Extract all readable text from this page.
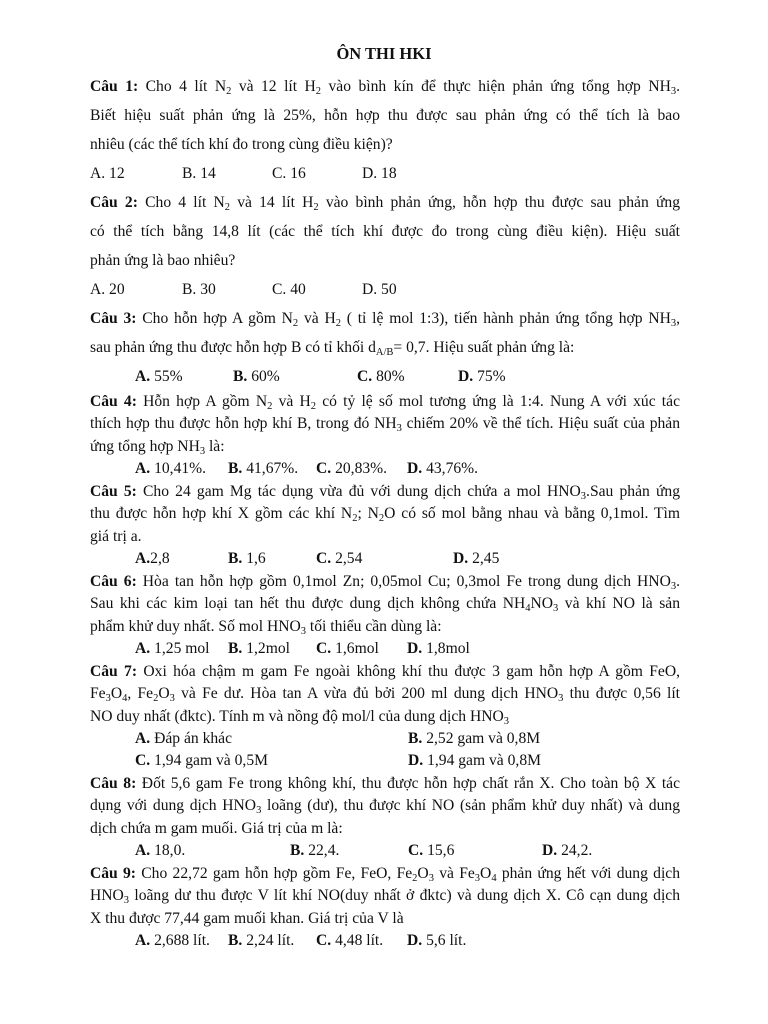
ÔN THI HKI
Câu 1: Cho 4 lít $N_2$ và 12 lít $H_2$ vào bình kín để thực hiện phản ứng tổng hợp $NH_3$.
Biết hiệu suất phản ứng là 25%, hỗn hợp thu được sau phản ứng có thể tích là bao
nhiêu (các thể tích khí đo trong cùng điều kiện)?
A. 12	B. 14	C. 16	D. 18
Câu 2: Cho 4 lít $N_2$ và 14 lít $H_2$ vào bình phản ứng, hỗn hợp thu được sau phản ứng
có thể tích bằng 14,8 lít (các thể tích khí được đo trong cùng điều kiện). Hiệu suất
phản ứng là bao nhiêu?
A. 20	B. 30	C. 40	D. 50
Câu 3: Cho hỗn hợp A gồm $N_2$ và $H_2$ ( tỉ lệ mol 1:3), tiến hành phản ứng tổng hợp $NH_3$,
sau phản ứng thu được hỗn hợp B có tỉ khối $d_{A/B}= 0,7$. Hiệu suất phản ứng là:
A. 55%	B. 60%	C. 80%	D. 75%
Câu 4: Hỗn hợp A gồm $N_2$ và $H_2$ có tỷ lệ số mol tương ứng là 1:4. Nung A với xúc tác
thích hợp thu được hỗn hợp khí B, trong đó $NH_3$ chiếm 20% về thể tích. Hiệu suất của phản
ứng tổng hợp $NH_3$ là:
A. 10,41%. B. 41,67%. C. 20,83%. D. 43,76%.
Câu 5: Cho 24 gam Mg tác dụng vừa đủ với dung dịch chứa a mol $HNO_3.Sau$ phản ứng
thu được hỗn hợp khí X gồm các khí $N_2$; $N_2O$ có số mol bằng nhau và bằng 0,1mol. Tìm
giá trị a.
A.2,8	B. 1,6	C. 2,54	D. 2,45
Câu 6: Hòa tan hỗn hợp gồm 0,1mol Zn; 0,05mol Cu; 0,3mol Fe trong dung dịch $HNO_3$.
Sau khi các kim loại tan hết thu được dung dịch không chứa $NH_4NO_3$ và khí NO là sản
phẩm khử duy nhất. Số mol $HNO_3$ tối thiểu cần dùng là:
A. 1,25 mol B. 1,2mol C. 1,6mol D. 1,8mol
Câu 7: Oxi hóa chậm m gam Fe ngoài không khí thu được 3 gam hỗn hợp A gồm FeO,
$Fe_3O_4$, $Fe_2O_3$ và Fe dư. Hòa tan A vừa đủ bởi 200 ml dung dịch $HNO_3$ thu được 0,56 lít
NO duy nhất (đktc). Tính m và nồng độ mol/l của dung dịch $HNO_3$
A. Đáp án khác	B. 2,52 gam và 0,8M
C. 1,94 gam và 0,5M	D. 1,94 gam và 0,8M
Câu 8: Đốt 5,6 gam Fe trong không khí, thu được hỗn hợp chất rắn X. Cho toàn bộ X tác
dụng với dung dịch $HNO_3$ loãng (dư), thu được khí NO (sản phẩm khử duy nhất) và dung
dịch chứa m gam muối. Giá trị của m là:
A. 18,0.	B. 22,4.	C. 15,6	D. 24,2.
Câu 9: Cho 22,72 gam hỗn hợp gồm Fe, FeO, $Fe_2O_3$ và $Fe_3O_4$ phản ứng hết với dung dịch
$HNO_3$ loãng dư thu được V lít khí NO(duy nhất ở đktc) và dung dịch X. Cô cạn dung dịch
X thu được 77,44 gam muối khan. Giá trị của V là
A. 2,688 lít. B. 2,24 lít. C. 4,48 lít. D. 5,6 lít.
